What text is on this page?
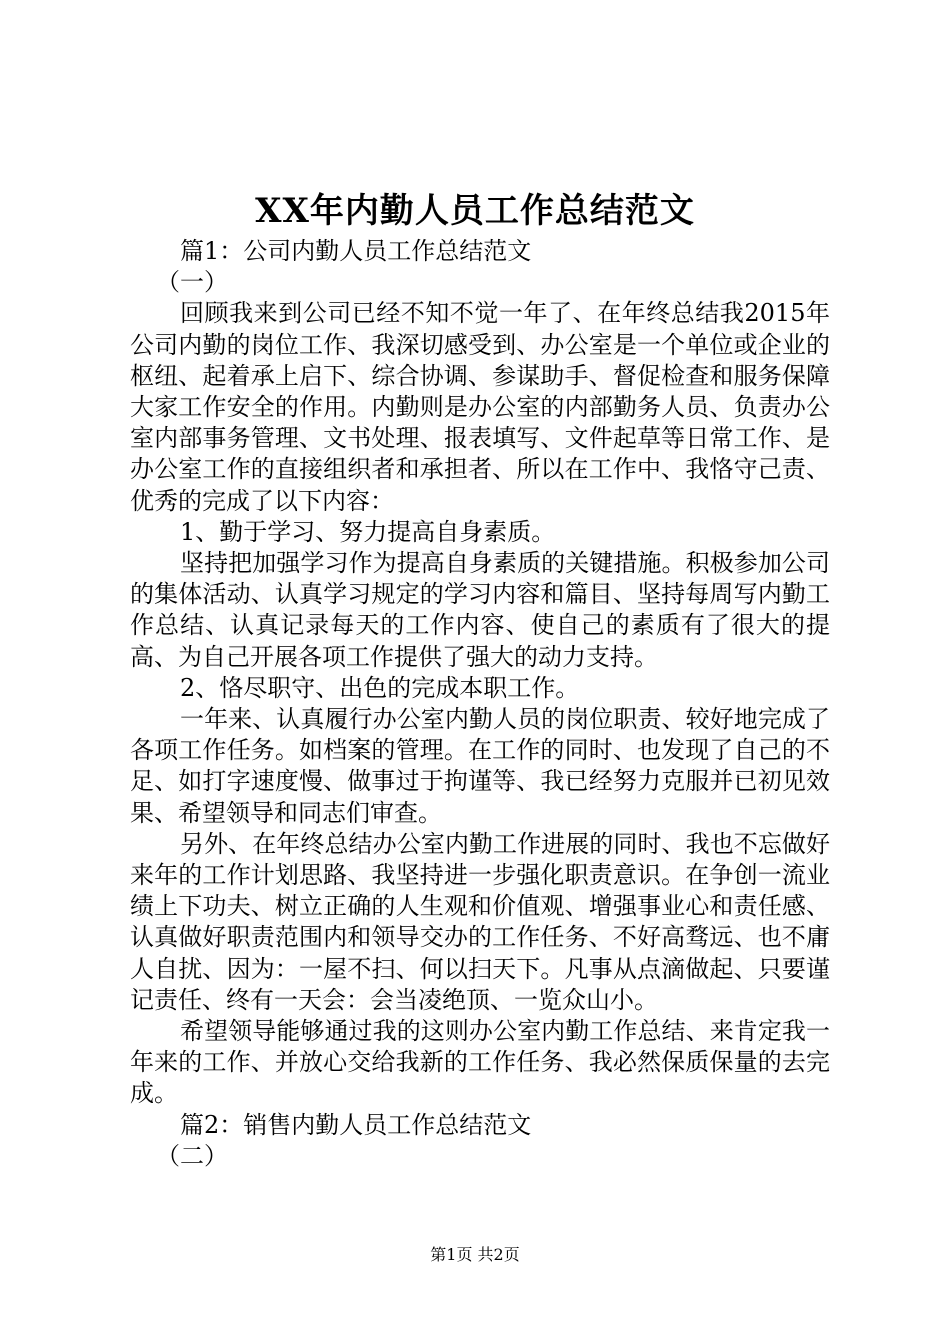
XX年内勤人员工作总结范文

篇1：公司内勤人员工作总结范文

（一）

回顾我来到公司已经不知不觉一年了、在年终总结我2015年公司内勤的岗位工作、我深切感受到、办公室是一个单位或企业的枢纽、起着承上启下、综合协调、参谋助手、督促检查和服务保障大家工作安全的作用。内勤则是办公室的内部勤务人员、负责办公室内部事务管理、文书处理、报表填写、文件起草等日常工作、是办公室工作的直接组织者和承担者、所以在工作中、我恪守己责、优秀的完成了以下内容：

1、勤于学习、努力提高自身素质。

坚持把加强学习作为提高自身素质的关键措施。积极参加公司的集体活动、认真学习规定的学习内容和篇目、坚持每周写内勤工作总结、认真记录每天的工作内容、使自己的素质有了很大的提高、为自己开展各项工作提供了强大的动力支持。

2、恪尽职守、出色的完成本职工作。

一年来、认真履行办公室内勤人员的岗位职责、较好地完成了各项工作任务。如档案的管理。在工作的同时、也发现了自己的不足、如打字速度慢、做事过于拘谨等、我已经努力克服并已初见效果、希望领导和同志们审查。

另外、在年终总结办公室内勤工作进展的同时、我也不忘做好来年的工作计划思路、我坚持进一步强化职责意识。在争创一流业绩上下功夫、树立正确的人生观和价值观、增强事业心和责任感、认真做好职责范围内和领导交办的工作任务、不好高骛远、也不庸人自扰、因为：一屋不扫、何以扫天下。凡事从点滴做起、只要谨记责任、终有一天会：会当凌绝顶、一览众山小。

希望领导能够通过我的这则办公室内勤工作总结、来肯定我一年来的工作、并放心交给我新的工作任务、我必然保质保量的去完成。

篇2：销售内勤人员工作总结范文

（二）

第1页 共2页
